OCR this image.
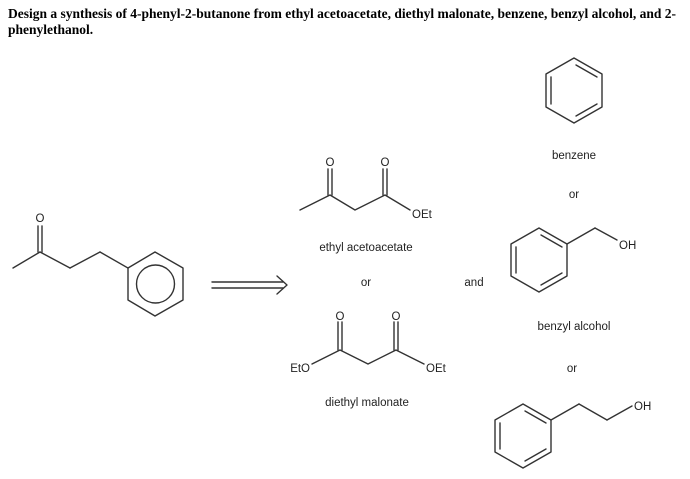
Design a synthesis of 4-phenyl-2-butanone from ethyl acetoacetate, diethyl malonate, benzene, benzyl alcohol, and 2-phenylethanol.
O
O	O
OEt
ethyl acetoacetate
or
O	O
EtO	OEt
diethyl malonate
and
benzene
or
OH
benzyl alcohol
or
OH
